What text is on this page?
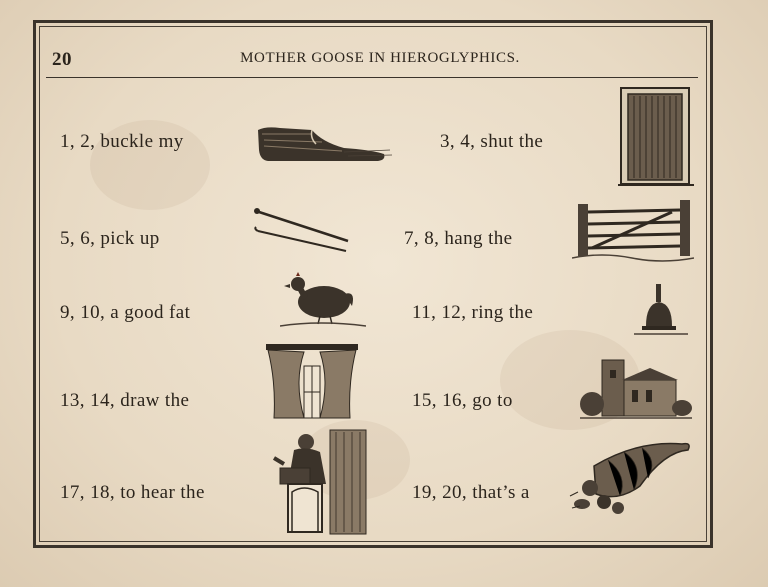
20	MOTHER GOOSE IN HIEROGLYPHICS.
1, 2, buckle my	3, 4, shut the
5, 6, pick up	7, 8, hang the
9, 10, a good fat	11, 12, ring the
13, 14, draw the	15, 16, go to
17, 18, to hear the	19, 20, that’s a
